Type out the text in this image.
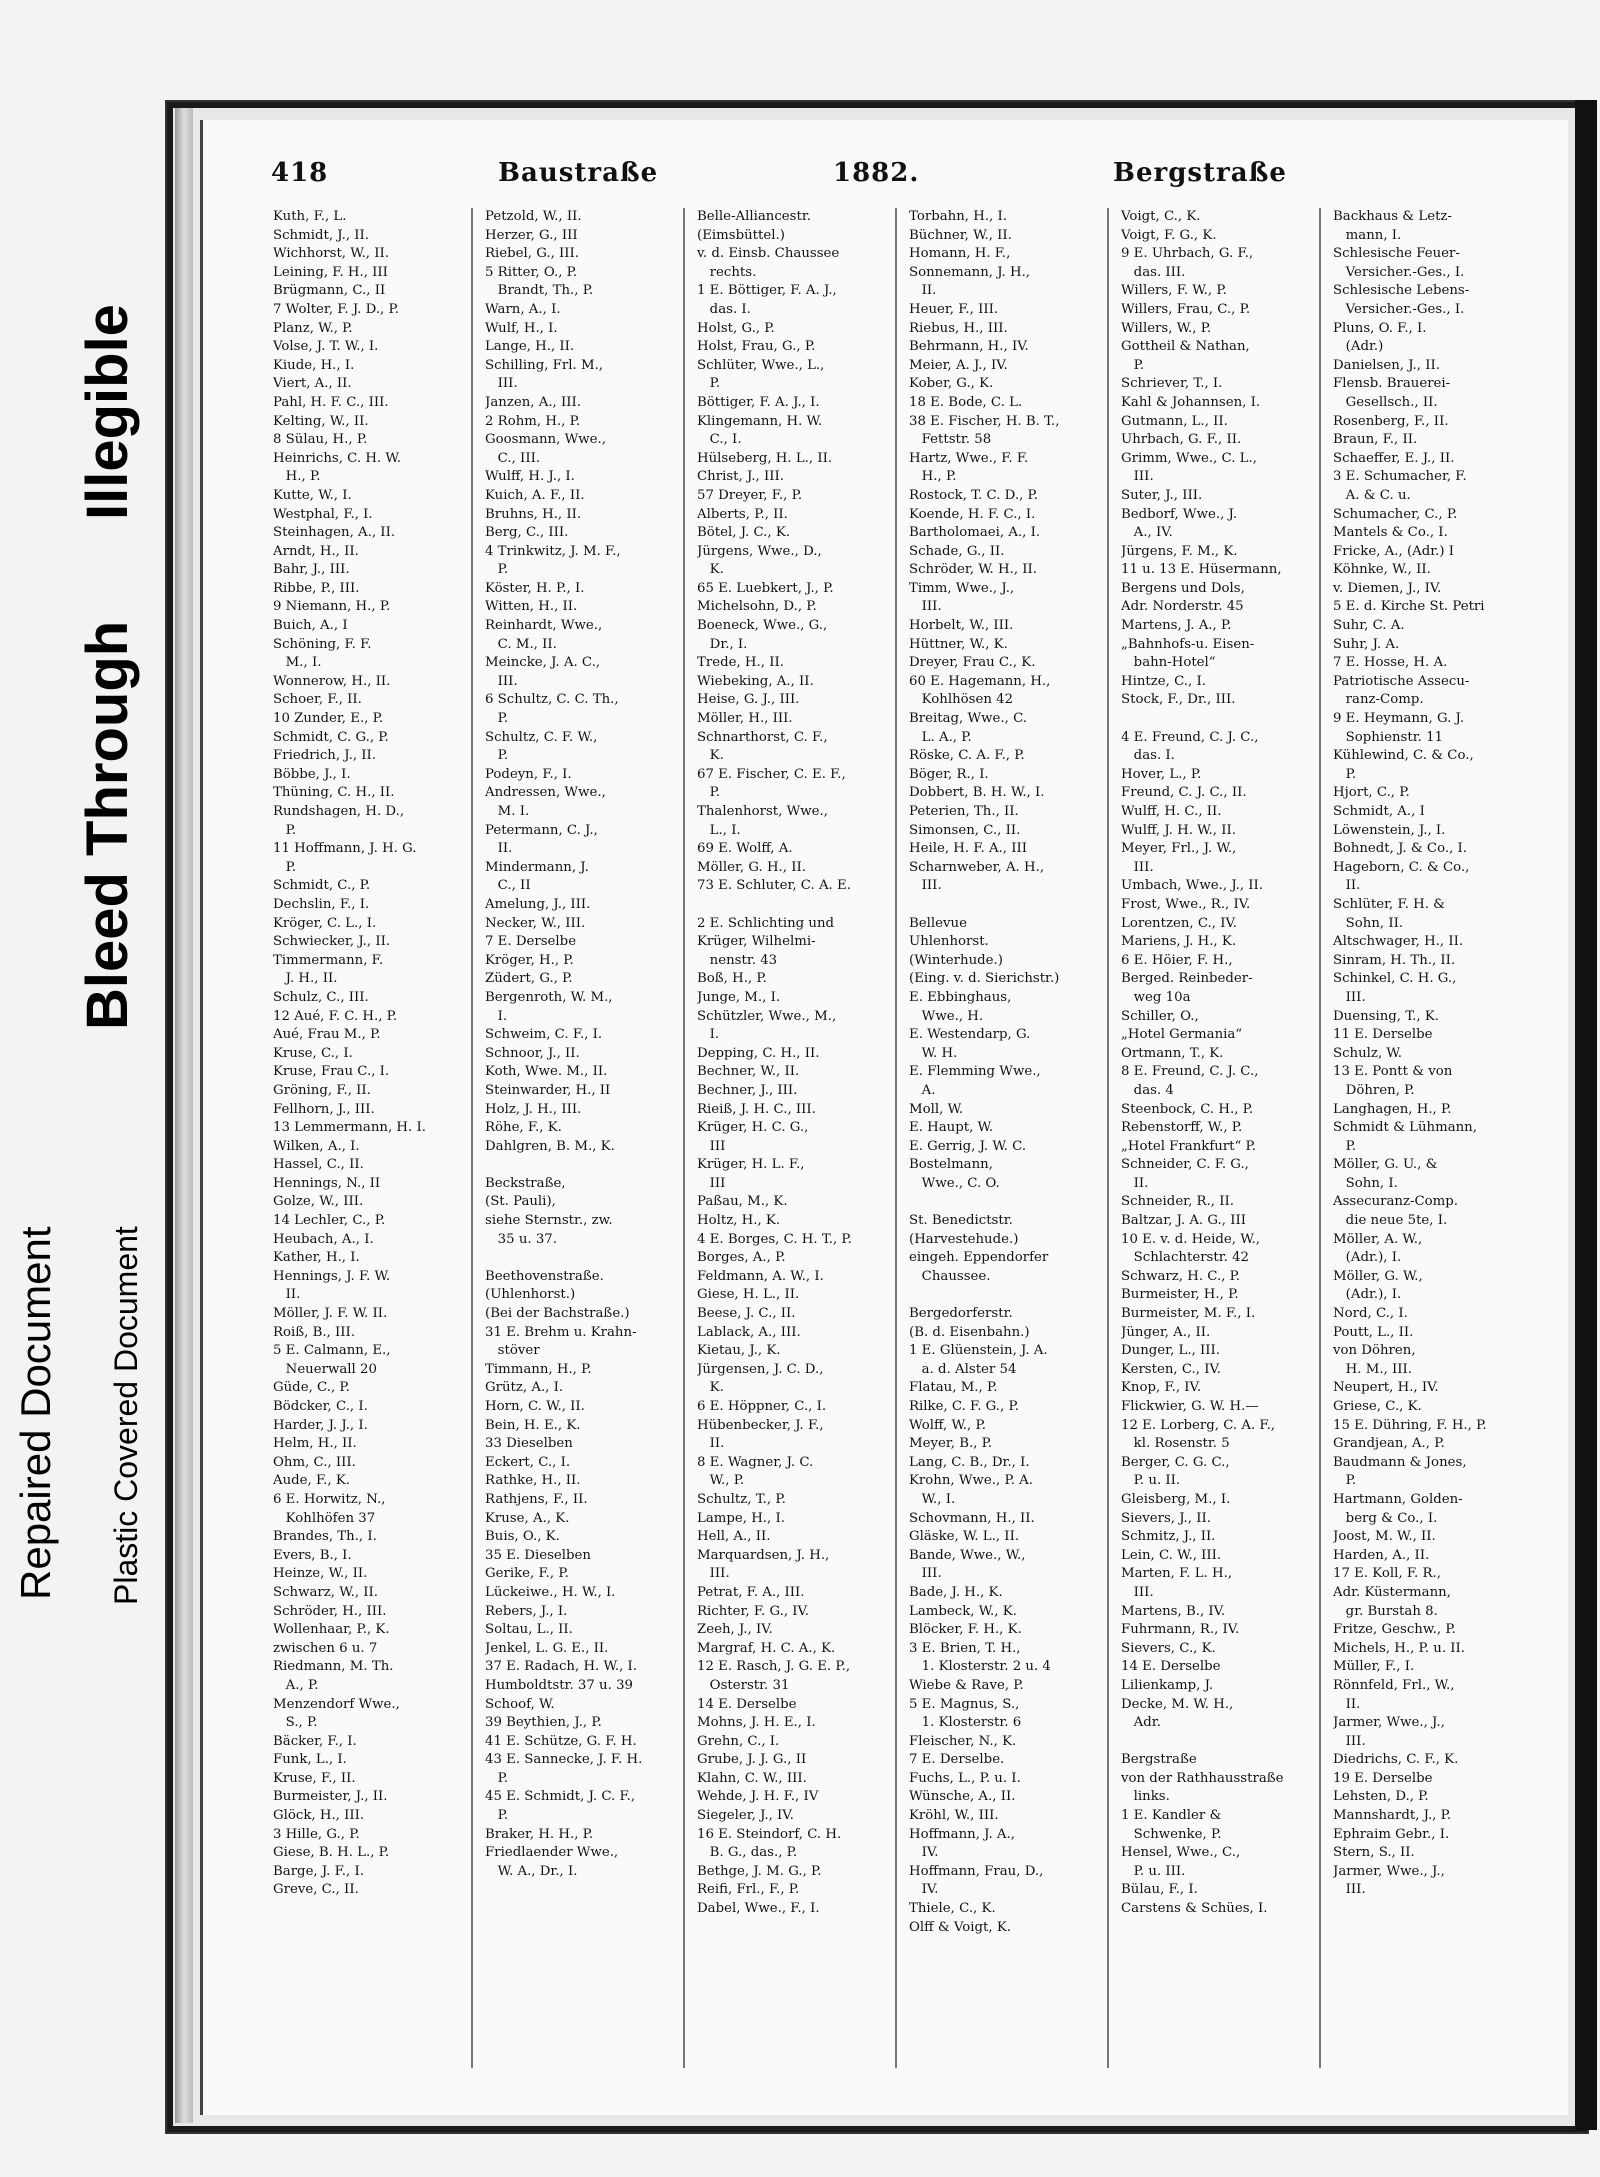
Repaired Document Plastic Covered Document
Bleed Through
Illegible
418	Baustraße	1882.	Bergstraße
Kuth, F., L.
Schmidt, J., II.
Wichhorst, W., II.
Leining, F. H., III
Brügmann, C., II
7 Wolter, F. J. D., P.
Planz, W., P.
Volse, J. T. W., I.
Kiude, H., I.
Viert, A., II.
Pahl, H. F. C., III.
Kelting, W., II.
8 Sülau, H., P.
Heinrichs, C. H. W.
H., P.
Kutte, W., I.
Westphal, F., I.
Steinhagen, A., II.
Arndt, H., II.
Bahr, J., III.
Ribbe, P., III.
9 Niemann, H., P.
Buich, A., I
Schöning, F. F.
M., I.
Wonnerow, H., II.
Schoer, F., II.
10 Zunder, E., P.
Schmidt, C. G., P.
Friedrich, J., II.
Böbbe, J., I.
Thüning, C. H., II.
Rundshagen, H. D.,
P.
11 Hoffmann, J. H. G.
P.
Schmidt, C., P.
Dechslin, F., I.
Kröger, C. L., I.
Schwiecker, J., II.
Timmermann, F.
J. H., II.
Schulz, C., III.
12 Aué, F. C. H., P.
Aué, Frau M., P.
Kruse, C., I.
Kruse, Frau C., I.
Gröning, F., II.
Fellhorn, J., III.
13 Lemmermann, H. I.
Wilken, A., I.
Hassel, C., II.
Hennings, N., II
Golze, W., III.
14 Lechler, C., P.
Heubach, A., I.
Kather, H., I.
Hennings, J. F. W.
II.
Möller, J. F. W. II.
Roiß, B., III.
5 E. Calmann, E.,
Neuerwall 20
Güde, C., P.
Bödcker, C., I.
Harder, J. J., I.
Helm, H., II.
Ohm, C., III.
Aude, F., K.
6 E. Horwitz, N.,
Kohlhöfen 37
Brandes, Th., I.
Evers, B., I.
Heinze, W., II.
Schwarz, W., II.
Schröder, H., III.
Wollenhaar, P., K.
zwischen 6 u. 7
Riedmann, M. Th.
A., P.
Menzendorf Wwe.,
S., P.
Bäcker, F., I.
Funk, L., I.
Kruse, F., II.
Burmeister, J., II.
Glöck, H., III.
3 Hille, G., P.
Giese, B. H. L., P.
Barge, J. F., I.
Greve, C., II.
Petzold, W., II.
Herzer, G., III
Riebel, G., III.
5 Ritter, O., P.
Brandt, Th., P.
Warn, A., I.
Wulf, H., I.
Lange, H., II.
Schilling, Frl. M.,
III.
Janzen, A., III.
2 Rohm, H., P.
Goosmann, Wwe.,
C., III.
Wulff, H. J., I.
Kuich, A. F., II.
Bruhns, H., II.
Berg, C., III.
4 Trinkwitz, J. M. F.,
P.
Köster, H. P., I.
Witten, H., II.
Reinhardt, Wwe.,
C. M., II.
Meincke, J. A. C.,
III.
6 Schultz, C. C. Th.,
P.
Schultz, C. F. W.,
P.
Podeyn, F., I.
Andressen, Wwe.,
M. I.
Petermann, C. J.,
II.
Mindermann, J.
C., II
Amelung, J., III.
Necker, W., III.
7 E. Derselbe
Kröger, H., P.
Züdert, G., P.
Bergenroth, W. M.,
I.
Schweim, C. F., I.
Schnoor, J., II.
Koth, Wwe. M., II.
Steinwarder, H., II
Holz, J. H., III.
Röhe, F., K.
Dahlgren, B. M., K.
Beckstraße,
(St. Pauli),
siehe Sternstr., zw.
35 u. 37.
Beethovenstraße.
(Uhlenhorst.)
(Bei der Bachstraße.)
31 E. Brehm u. Krahn-
stöver
Timmann, H., P.
Grütz, A., I.
Horn, C. W., II.
Bein, H. E., K.
33 Dieselben
Eckert, C., I.
Rathke, H., II.
Rathjens, F., II.
Kruse, A., K.
Buis, O., K.
35 E. Dieselben
Gerike, F., P.
Lückeiwe., H. W., I.
Rebers, J., I.
Soltau, L., II.
Jenkel, L. G. E., II.
37 E. Radach, H. W., I.
Humboldtstr. 37 u. 39
Schoof, W.
39 Beythien, J., P.
41 E. Schütze, G. F. H.
43 E. Sannecke, J. F. H.
P.
45 E. Schmidt, J. C. F.,
P.
Braker, H. H., P.
Friedlaender Wwe.,
W. A., Dr., I.
Belle-Alliancestr.
(Eimsbüttel.)
v. d. Einsb. Chaussee
rechts.
1 E. Böttiger, F. A. J.,
das. I.
Holst, G., P.
Holst, Frau, G., P.
Schlüter, Wwe., L.,
P.
Böttiger, F. A. J., I.
Klingemann, H. W.
C., I.
Hülseberg, H. L., II.
Christ, J., III.
57 Dreyer, F., P.
Alberts, P., II.
Bötel, J. C., K.
Jürgens, Wwe., D.,
K.
65 E. Luebkert, J., P.
Michelsohn, D., P.
Boeneck, Wwe., G.,
Dr., I.
Trede, H., II.
Wiebeking, A., II.
Heise, G. J., III.
Möller, H., III.
Schnarthorst, C. F.,
K.
67 E. Fischer, C. E. F.,
P.
Thalenhorst, Wwe.,
L., I.
69 E. Wolff, A.
Möller, G. H., II.
73 E. Schluter, C. A. E.
2 E. Schlichting und
Krüger, Wilhelmi-
nenstr. 43
Boß, H., P.
Junge, M., I.
Schützler, Wwe., M.,
I.
Depping, C. H., II.
Bechner, W., II.
Bechner, J., III.
Rieiß, J. H. C., III.
Krüger, H. C. G.,
III
Krüger, H. L. F.,
III
Paßau, M., K.
Holtz, H., K.
4 E. Borges, C. H. T., P.
Borges, A., P.
Feldmann, A. W., I.
Giese, H. L., II.
Beese, J. C., II.
Lablack, A., III.
Kietau, J., K.
Jürgensen, J. C. D.,
K.
6 E. Höppner, C., I.
Hübenbecker, J. F.,
II.
8 E. Wagner, J. C.
W., P.
Schultz, T., P.
Lampe, H., I.
Hell, A., II.
Marquardsen, J. H.,
III.
Petrat, F. A., III.
Richter, F. G., IV.
Zeeh, J., IV.
Margraf, H. C. A., K.
12 E. Rasch, J. G. E. P.,
Osterstr. 31
14 E. Derselbe
Mohns, J. H. E., I.
Grehn, C., I.
Grube, J. J. G., II
Klahn, C. W., III.
Wehde, J. H. F., IV
Siegeler, J., IV.
16 E. Steindorf, C. H.
B. G., das., P.
Bethge, J. M. G., P.
Reifi, Frl., F., P.
Dabel, Wwe., F., I.
Torbahn, H., I.
Büchner, W., II.
Homann, H. F.,
Sonnemann, J. H.,
II.
Heuer, F., III.
Riebus, H., III.
Behrmann, H., IV.
Meier, A. J., IV.
Kober, G., K.
18 E. Bode, C. L.
38 E. Fischer, H. B. T.,
Fettstr. 58
Hartz, Wwe., F. F.
H., P.
Rostock, T. C. D., P.
Koende, H. F. C., I.
Bartholomaei, A., I.
Schade, G., II.
Schröder, W. H., II.
Timm, Wwe., J.,
III.
Horbelt, W., III.
Hüttner, W., K.
Dreyer, Frau C., K.
60 E. Hagemann, H.,
Kohlhösen 42
Breitag, Wwe., C.
L. A., P.
Röske, C. A. F., P.
Böger, R., I.
Dobbert, B. H. W., I.
Peterien, Th., II.
Simonsen, C., II.
Heile, H. F. A., III
Scharnweber, A. H.,
III.
Bellevue
Uhlenhorst.
(Winterhude.)
(Eing. v. d. Sierichstr.)
E. Ebbinghaus,
Wwe., H.
E. Westendarp, G.
W. H.
E. Flemming Wwe.,
A.
Moll, W.
E. Haupt, W.
E. Gerrig, J. W. C.
Bostelmann,
Wwe., C. O.
St. Benedictstr.
(Harvestehude.)
eingeh. Eppendorfer
Chaussee.
Bergedorferstr.
(B. d. Eisenbahn.)
1 E. Glüenstein, J. A.
a. d. Alster 54
Flatau, M., P.
Rilke, C. F. G., P.
Wolff, W., P.
Meyer, B., P.
Lang, C. B., Dr., I.
Krohn, Wwe., P. A.
W., I.
Schovmann, H., II.
Gläske, W. L., II.
Bande, Wwe., W.,
III.
Bade, J. H., K.
Lambeck, W., K.
Blöcker, F. H., K.
3 E. Brien, T. H.,
1. Klosterstr. 2 u. 4
Wiebe & Rave, P.
5 E. Magnus, S.,
1. Klosterstr. 6
Fleischer, N., K.
7 E. Derselbe.
Fuchs, L., P. u. I.
Wünsche, A., II.
Kröhl, W., III.
Hoffmann, J. A.,
IV.
Hoffmann, Frau, D.,
IV.
Thiele, C., K.
Olff & Voigt, K.
Voigt, C., K.
Voigt, F. G., K.
9 E. Uhrbach, G. F.,
das. III.
Willers, F. W., P.
Willers, Frau, C., P.
Willers, W., P.
Gottheil & Nathan,
P.
Schriever, T., I.
Kahl & Johannsen, I.
Gutmann, L., II.
Uhrbach, G. F., II.
Grimm, Wwe., C. L.,
III.
Suter, J., III.
Bedborf, Wwe., J.
A., IV.
Jürgens, F. M., K.
11 u. 13 E. Hüsermann,
Bergens und Dols,
Adr. Norderstr. 45
Martens, J. A., P.
„Bahnhofs-u. Eisen-
bahn-Hotel“
Hintze, C., I.
Stock, F., Dr., III.
4 E. Freund, C. J. C.,
das. I.
Hover, L., P.
Freund, C. J. C., II.
Wulff, H. C., II.
Wulff, J. H. W., II.
Meyer, Frl., J. W.,
III.
Umbach, Wwe., J., II.
Frost, Wwe., R., IV.
Lorentzen, C., IV.
Mariens, J. H., K.
6 E. Höier, F. H.,
Berged. Reinbeder-
weg 10a
Schiller, O.,
„Hotel Germania“
Ortmann, T., K.
8 E. Freund, C. J. C.,
das. 4
Steenbock, C. H., P.
Rebenstorff, W., P.
„Hotel Frankfurt“ P.
Schneider, C. F. G.,
II.
Schneider, R., II.
Baltzar, J. A. G., III
10 E. v. d. Heide, W.,
Schlachterstr. 42
Schwarz, H. C., P.
Burmeister, H., P.
Burmeister, M. F., I.
Jünger, A., II.
Dunger, L., III.
Kersten, C., IV.
Knop, F., IV.
Flickwier, G. W. H.—
12 E. Lorberg, C. A. F.,
kl. Rosenstr. 5
Berger, C. G. C.,
P. u. II.
Gleisberg, M., I.
Sievers, J., II.
Schmitz, J., II.
Lein, C. W., III.
Marten, F. L. H.,
III.
Martens, B., IV.
Fuhrmann, R., IV.
Sievers, C., K.
14 E. Derselbe
Lilienkamp, J.
Decke, M. W. H.,
Adr.
Bergstraße
von der Rathhausstraße
links.
1 E. Kandler &
Schwenke, P.
Hensel, Wwe., C.,
P. u. III.
Bülau, F., I.
Carstens & Schües, I.
Backhaus & Letz-
mann, I.
Schlesische Feuer-
Versicher.-Ges., I.
Schlesische Lebens-
Versicher.-Ges., I.
Pluns, O. F., I.
(Adr.)
Danielsen, J., II.
Flensb. Brauerei-
Gesellsch., II.
Rosenberg, F., II.
Braun, F., II.
Schaeffer, E. J., II.
3 E. Schumacher, F.
A. & C. u.
Schumacher, C., P.
Mantels & Co., I.
Fricke, A., (Adr.) I
Köhnke, W., II.
v. Diemen, J., IV.
5 E. d. Kirche St. Petri
Suhr, C. A.
Suhr, J. A.
7 E. Hosse, H. A.
Patriotische Assecu-
ranz-Comp.
9 E. Heymann, G. J.
Sophienstr. 11
Kühlewind, C. & Co.,
P.
Hjort, C., P.
Schmidt, A., I
Löwenstein, J., I.
Bohnedt, J. & Co., I.
Hageborn, C. & Co.,
II.
Schlüter, F. H. &
Sohn, II.
Altschwager, H., II.
Sinram, H. Th., II.
Schinkel, C. H. G.,
III.
Duensing, T., K.
11 E. Derselbe
Schulz, W.
13 E. Pontt & von
Döhren, P.
Langhagen, H., P.
Schmidt & Lühmann,
P.
Möller, G. U., &
Sohn, I.
Assecuranz-Comp.
die neue 5te, I.
Möller, A. W.,
(Adr.), I.
Möller, G. W.,
(Adr.), I.
Nord, C., I.
Poutt, L., II.
von Döhren,
H. M., III.
Neupert, H., IV.
Griese, C., K.
15 E. Dühring, F. H., P.
Grandjean, A., P.
Baudmann & Jones,
P.
Hartmann, Golden-
berg & Co., I.
Joost, M. W., II.
Harden, A., II.
17 E. Koll, F. R.,
Adr. Küstermann,
gr. Burstah 8.
Fritze, Geschw., P.
Michels, H., P. u. II.
Müller, F., I.
Rönnfeld, Frl., W.,
II.
Jarmer, Wwe., J.,
III.
Diedrichs, C. F., K.
19 E. Derselbe
Lehsten, D., P.
Mannshardt, J., P.
Ephraim Gebr., I.
Stern, S., II.
Jarmer, Wwe., J.,
III.
